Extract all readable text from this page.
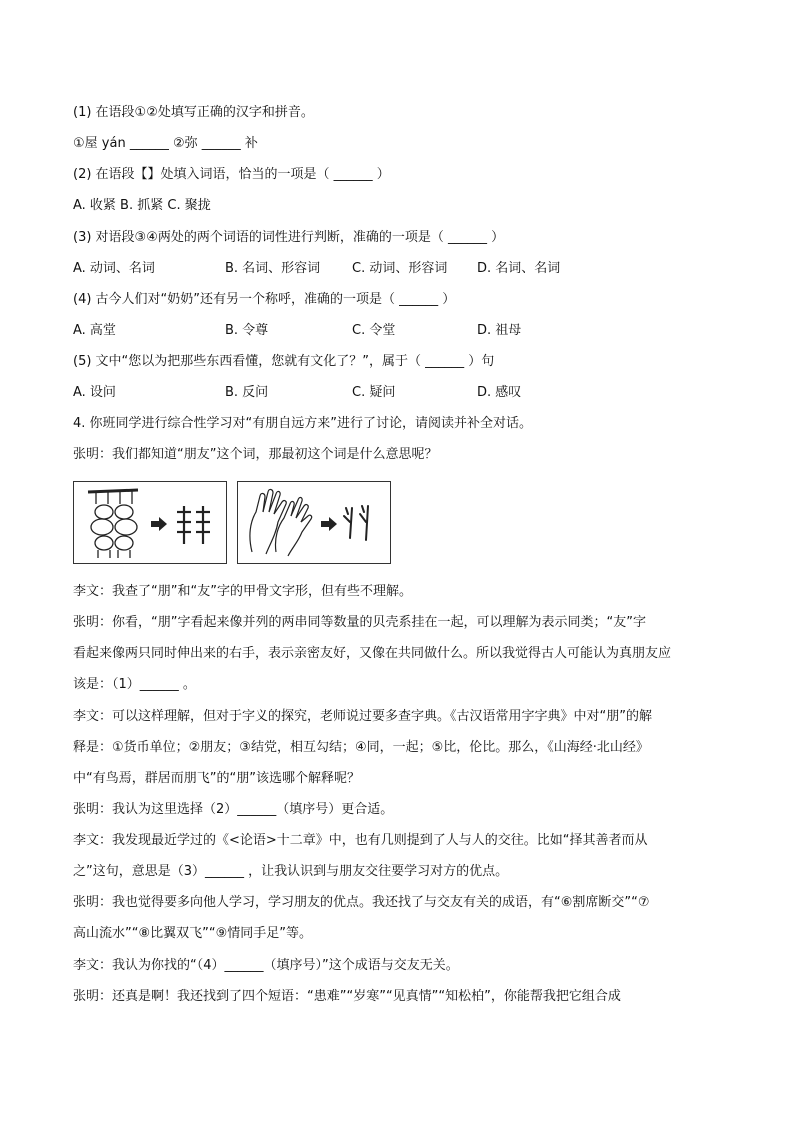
(1) 在语段①②处填写正确的汉字和拼音。
①屋 yán ______ ②弥 ______ 补
(2) 在语段【】处填入词语，恰当的一项是（ ______ ）
A. 收紧 B. 抓紧 C. 聚拢
(3) 对语段③④两处的两个词语的词性进行判断，准确的一项是（ ______ ）
A. 动词、名词	B. 名词、形容词 C. 动词、形容词 D. 名词、名词
(4) 古今人们对“奶奶”还有另一个称呼，准确的一项是（ ______ ）
A. 高堂	B. 令尊	C. 令堂	D. 祖母
(5) 文中“您以为把那些东西看懂，您就有文化了？”，属于（ ______ ）句
A. 设问	B. 反问	C. 疑问	D. 感叹
4. 你班同学进行综合性学习对“有朋自远方来”进行了讨论，请阅读并补全对话。
张明：我们都知道“朋友”这个词，那最初这个词是什么意思呢？
李文：我查了“朋”和“友”字的甲骨文字形，但有些不理解。
张明：你看，“朋”字看起来像并列的两串同等数量的贝壳系挂在一起，可以理解为表示同类；“友”字
看起来像两只同时伸出来的右手，表示亲密友好，又像在共同做什么。所以我觉得古人可能认为真朋友应
该是：（1）______ 。
李文：可以这样理解，但对于字义的探究，老师说过要多查字典。《古汉语常用字字典》中对“朋”的解
释是：①货币单位；②朋友；③结党，相互勾结；④同，一起；⑤比，伦比。那么，《山海经·北山经》
中“有鸟焉，群居而朋飞”的“朋”该选哪个解释呢？
张明：我认为这里选择（2）______（填序号）更合适。
李文：我发现最近学过的《<论语>十二章》中，也有几则提到了人与人的交往。比如“择其善者而从
之”这句，意思是（3）______ ，让我认识到与朋友交往要学习对方的优点。
张明：我也觉得要多向他人学习，学习朋友的优点。我还找了与交友有关的成语，有“⑥割席断交”“⑦
高山流水”“⑧比翼双飞”“⑨情同手足”等。
李文：我认为你找的“（4）______（填序号）”这个成语与交友无关。
张明：还真是啊！我还找到了四个短语：“患难”“岁寒”“见真情”“知松柏”，你能帮我把它组合成
